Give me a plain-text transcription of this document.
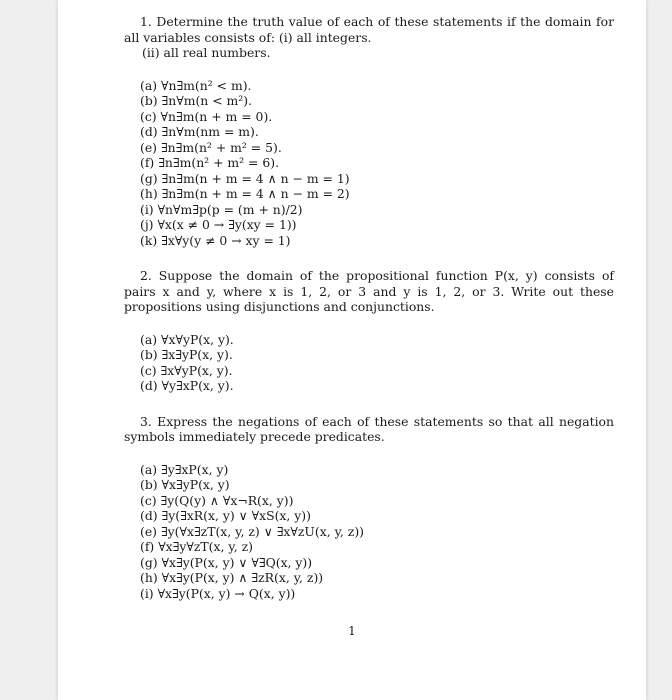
1. Determine the truth value of each of these statements if the domain for all variables consists of: (i) all integers.

(ii) all real numbers.

(a) ∀n∃m(n² < m).
(b) ∃n∀m(n < m²).
(c) ∀n∃m(n + m = 0).
(d) ∃n∀m(nm = m).
(e) ∃n∃m(n² + m² = 5).
(f) ∃n∃m(n² + m² = 6).
(g) ∃n∃m(n + m = 4 ∧ n − m = 1)
(h) ∃n∃m(n + m = 4 ∧ n − m = 2)
(i) ∀n∀m∃p(p = (m + n)/2)
(j) ∀x(x ≠ 0 → ∃y(xy = 1))
(k) ∃x∀y(y ≠ 0 → xy = 1)

2. Suppose the domain of the propositional function P(x, y) consists of pairs x and y, where x is 1, 2, or 3 and y is 1, 2, or 3. Write out these propositions using disjunctions and conjunctions.

(a) ∀x∀yP(x, y).
(b) ∃x∃yP(x, y).
(c) ∃x∀yP(x, y).
(d) ∀y∃xP(x, y).

3. Express the negations of each of these statements so that all negation symbols immediately precede predicates.

(a) ∃y∃xP(x, y)
(b) ∀x∃yP(x, y)
(c) ∃y(Q(y) ∧ ∀x¬R(x, y))
(d) ∃y(∃xR(x, y) ∨ ∀xS(x, y))
(e) ∃y(∀x∃zT(x, y, z) ∨ ∃x∀zU(x, y, z))
(f) ∀x∃y∀zT(x, y, z)
(g) ∀x∃y(P(x, y) ∨ ∀∃Q(x, y))
(h) ∀x∃y(P(x, y) ∧ ∃zR(x, y, z))
(i) ∀x∃y(P(x, y) → Q(x, y))
1
